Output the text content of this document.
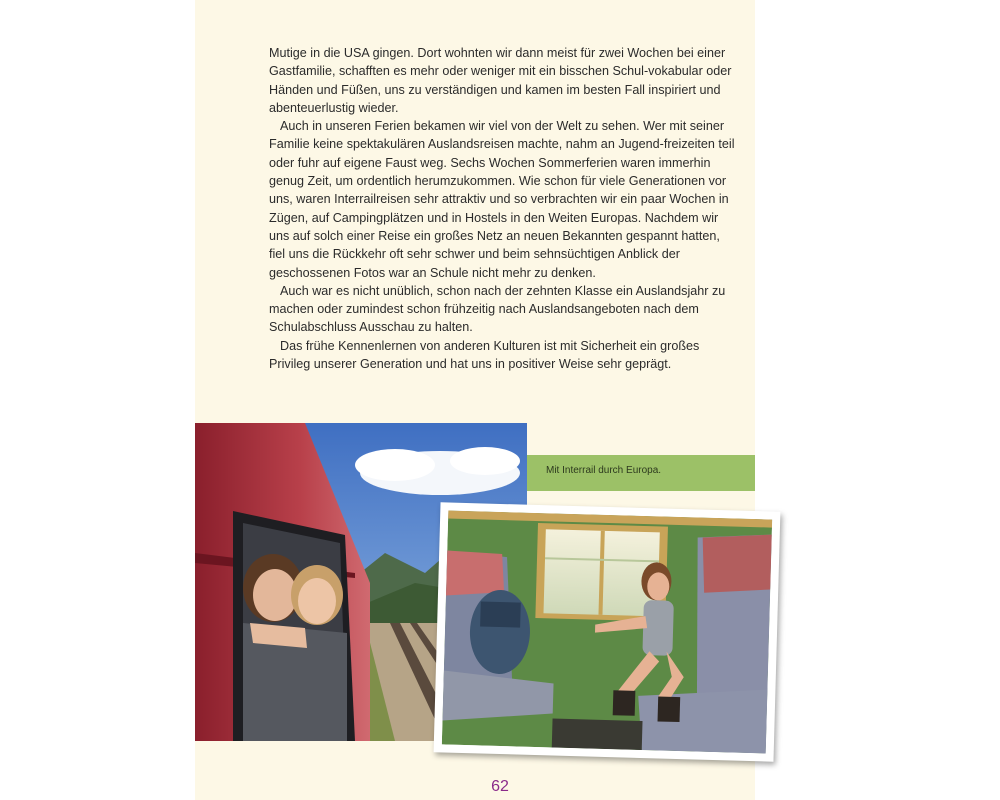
Mutige in die USA gingen. Dort wohnten wir dann meist für zwei Wochen bei einer Gastfamilie, schafften es mehr oder weniger mit ein bisschen Schul-vokabular oder Händen und Füßen, uns zu verständigen und kamen im besten Fall inspiriert und abenteuerlustig wieder.

Auch in unseren Ferien bekamen wir viel von der Welt zu sehen. Wer mit seiner Familie keine spektakulären Auslandsreisen machte, nahm an Jugend-freizeiten teil oder fuhr auf eigene Faust weg. Sechs Wochen Sommerferien waren immerhin genug Zeit, um ordentlich herumzukommen. Wie schon für viele Generationen vor uns, waren Interrailreisen sehr attraktiv und so verbrachten wir ein paar Wochen in Zügen, auf Campingplätzen und in Hostels in den Weiten Europas. Nachdem wir uns auf solch einer Reise ein großes Netz an neuen Bekannten gespannt hatten, fiel uns die Rückkehr oft sehr schwer und beim sehnsüchtigen Anblick der geschossenen Fotos war an Schule nicht mehr zu denken.

Auch war es nicht unüblich, schon nach der zehnten Klasse ein Auslandsjahr zu machen oder zumindest schon frühzeitig nach Auslandsangeboten nach dem Schulabschluss Ausschau zu halten.

Das frühe Kennenlernen von anderen Kulturen ist mit Sicherheit ein großes Privileg unserer Generation und hat uns in positiver Weise sehr geprägt.

Mit Interrail durch Europa.
62
